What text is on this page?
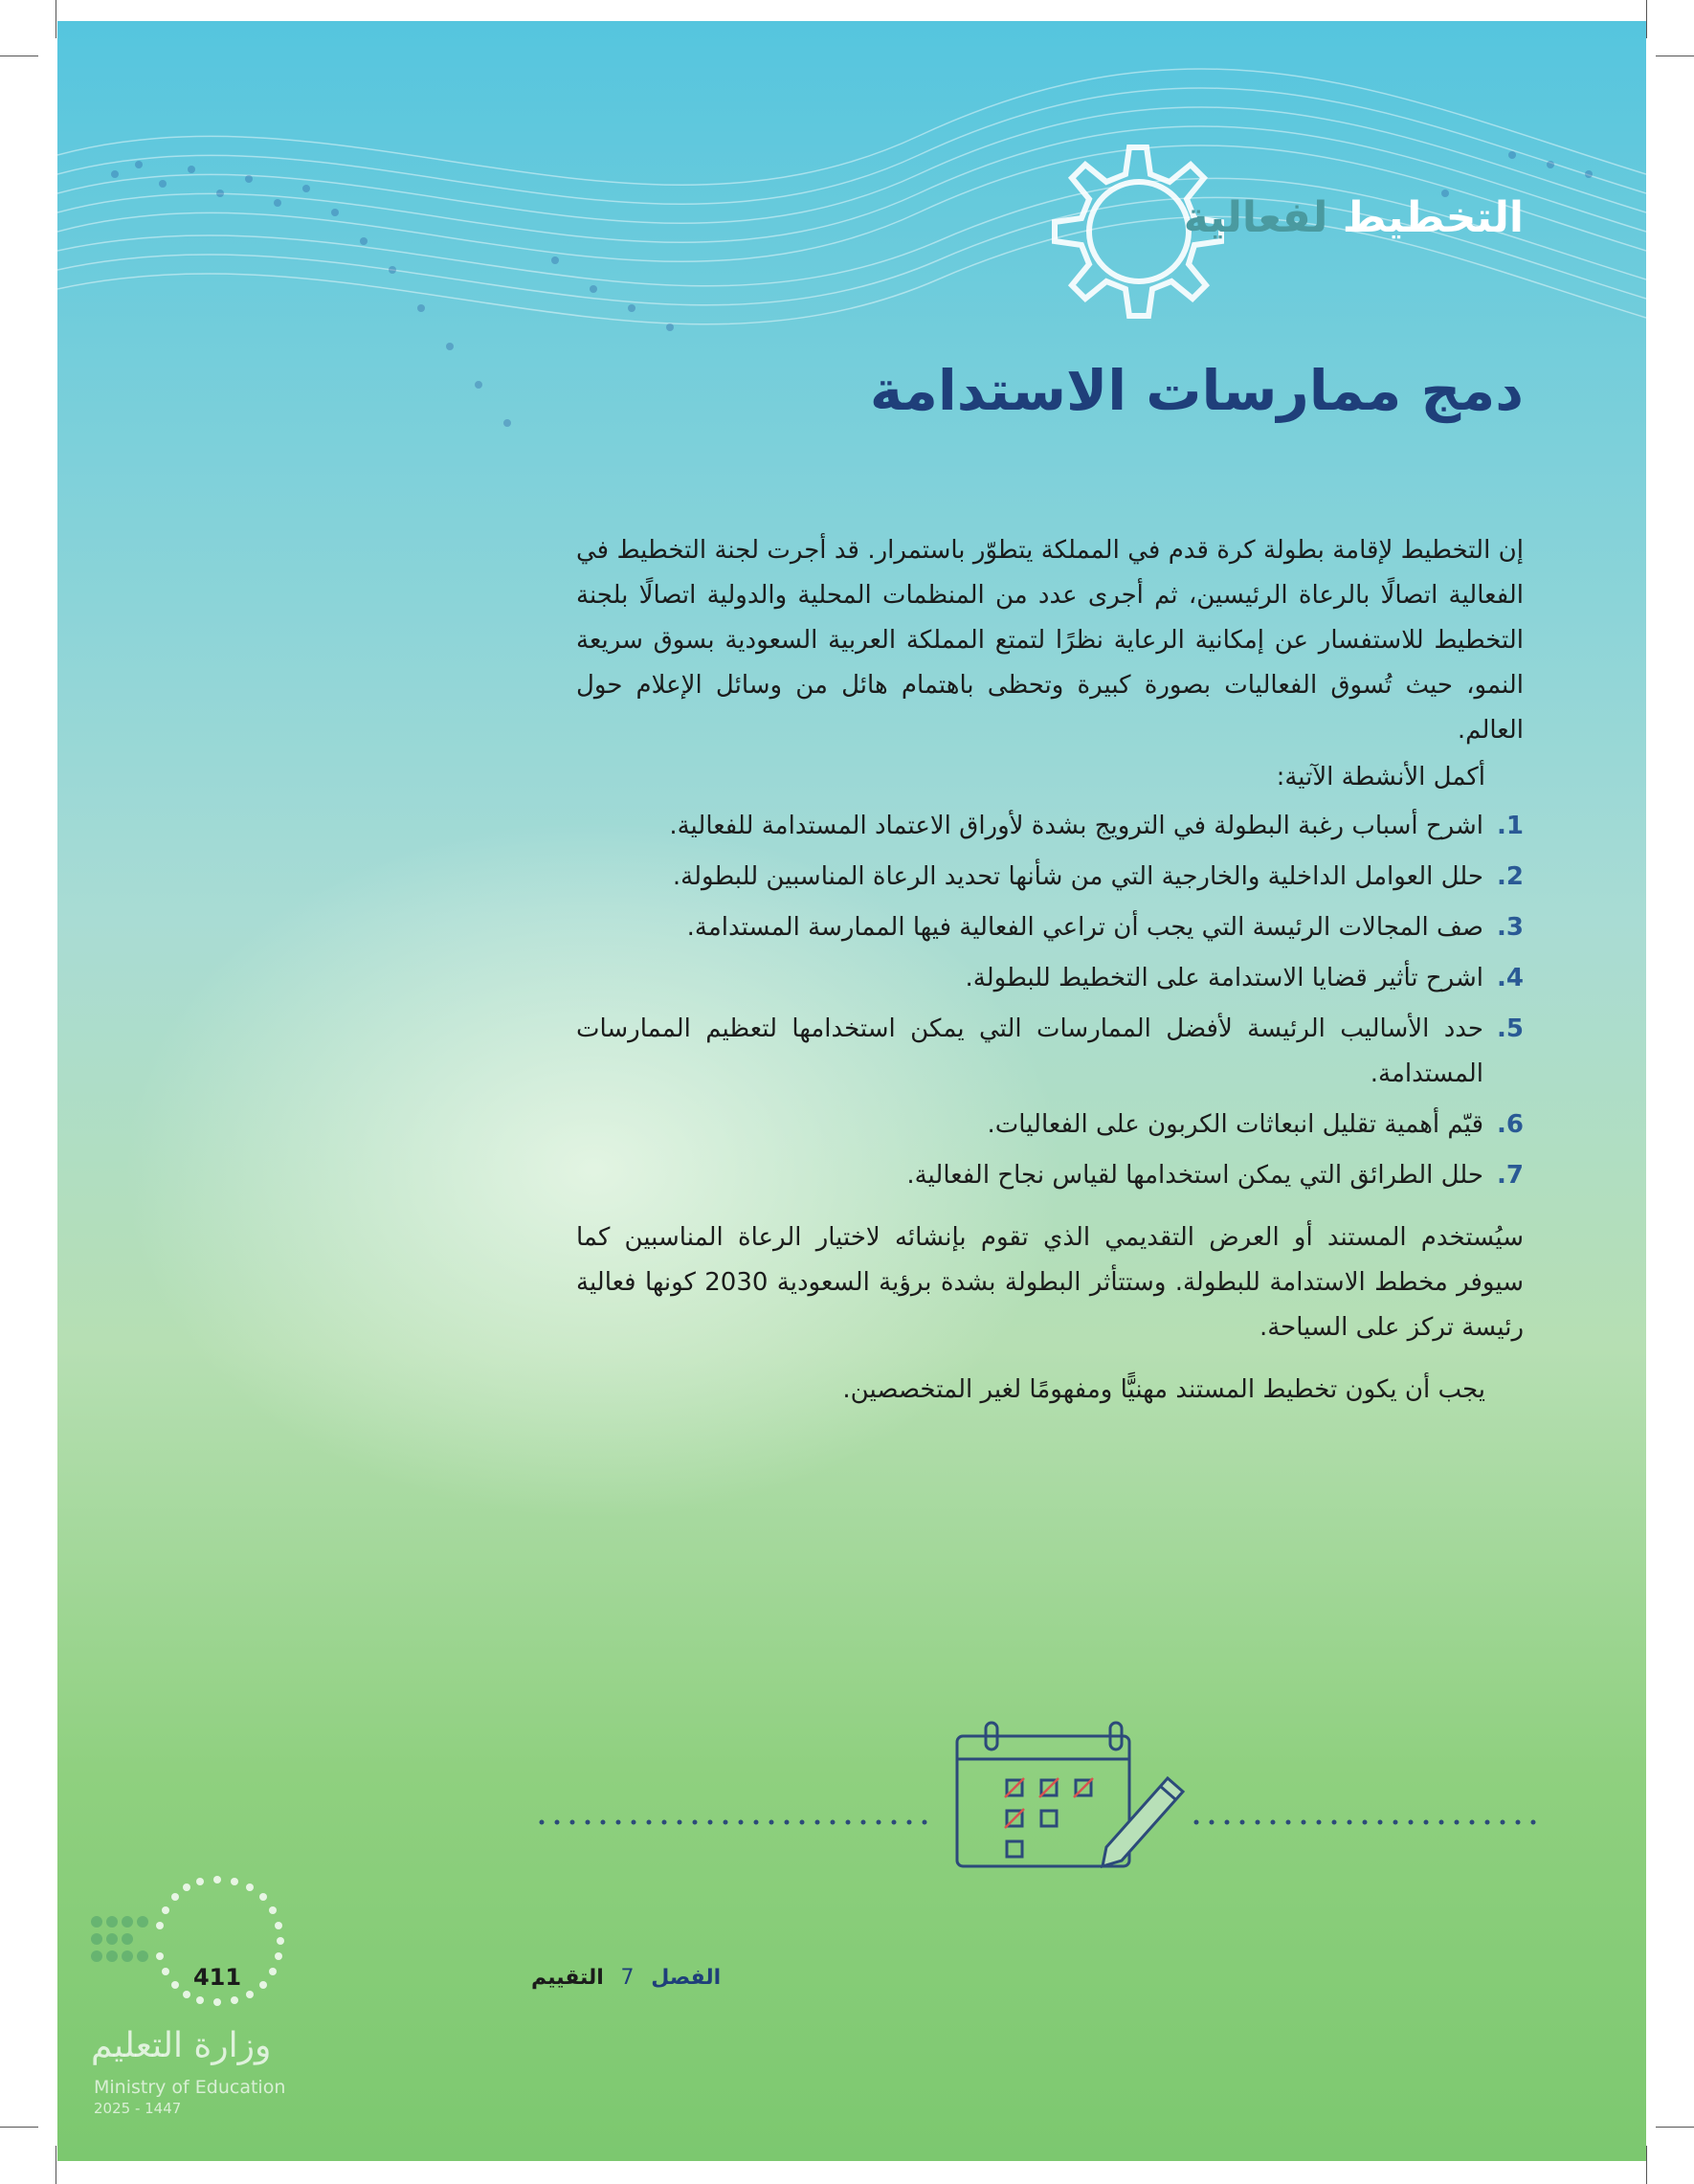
التخطيط لفعالية
دمج ممارسات الاستدامة

إن التخطيط لإقامة بطولة كرة قدم في المملكة يتطوّر باستمرار. قد أجرت لجنة التخطيط في الفعالية اتصالًا بالرعاة الرئيسين، ثم أجرى عدد من المنظمات المحلية والدولية اتصالًا بلجنة التخطيط للاستفسار عن إمكانية الرعاية نظرًا لتمتع المملكة العربية السعودية بسوق سريعة النمو، حيث تُسوق الفعاليات بصورة كبيرة وتحظى باهتمام هائل من وسائل الإعلام حول العالم.

أكمل الأنشطة الآتية:

1.
اشرح أسباب رغبة البطولة في الترويج بشدة لأوراق الاعتماد المستدامة للفعالية.
2.
حلل العوامل الداخلية والخارجية التي من شأنها تحديد الرعاة المناسبين للبطولة.
3.
صف المجالات الرئيسة التي يجب أن تراعي الفعالية فيها الممارسة المستدامة.
4.
اشرح تأثير قضايا الاستدامة على التخطيط للبطولة.
5.
حدد الأساليب الرئيسة لأفضل الممارسات التي يمكن استخدامها لتعظيم الممارسات المستدامة.
6.
قيّم أهمية تقليل انبعاثات الكربون على الفعاليات.
7.
حلل الطرائق التي يمكن استخدامها لقياس نجاح الفعالية.

سيُستخدم المستند أو العرض التقديمي الذي تقوم بإنشائه لاختيار الرعاة المناسبين كما سيوفر مخطط الاستدامة للبطولة. وستتأثر البطولة بشدة برؤية السعودية 2030 كونها فعالية رئيسة تركز على السياحة.

يجب أن يكون تخطيط المستند مهنيًّا ومفهومًا لغير المتخصصين.

الفصل 7 التقييم
411
وزارة التعليم
Ministry of Education
2025 - 1447
